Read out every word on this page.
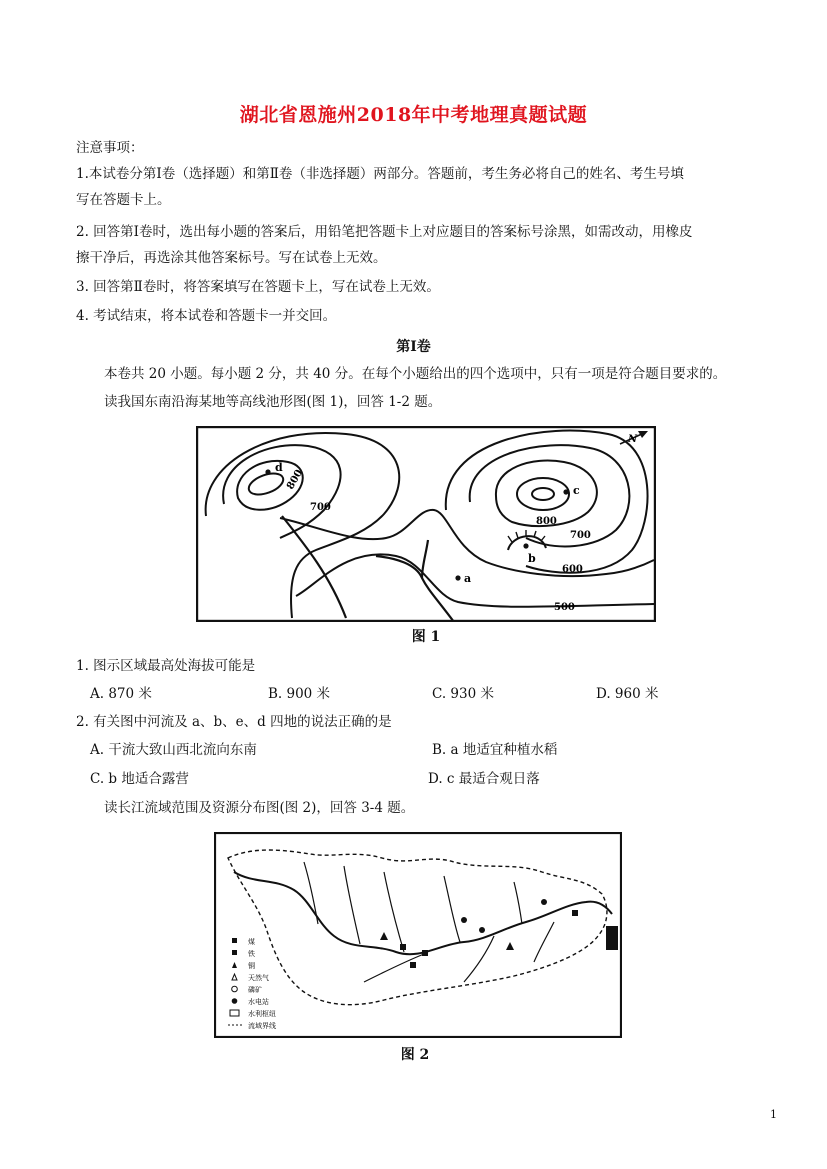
湖北省恩施州2018年中考地理真题试题
注意事项：
1.本试卷分第Ⅰ卷（选择题）和第Ⅱ卷（非选择题）两部分。答题前，考生务必将自己的姓名、考生号填
写在答题卡上。
2. 回答第Ⅰ卷时，选出每小题的答案后，用铅笔把答题卡上对应题目的答案标号涂黑，如需改动，用橡皮
擦干净后，再选涂其他答案标号。写在试卷上无效。
3. 回答第Ⅱ卷时，将答案填写在答题卡上，写在试卷上无效。
4. 考试结束，将本试卷和答题卡一并交回。
第Ⅰ卷
本卷共 20 小题。每小题 2 分，共 40 分。在每个小题给出的四个选项中，只有一项是符合题目要求的。
读我国东南沿海某地等高线池形图(图 1)，回答 1-2 题。
d
c
b
a
800
700
800
700
600
500
N
图 1
1. 图示区域最高处海拔可能是
A. 870 米	B. 900 米	C. 930 米	D. 960 米
2. 有关图中河流及 a、b、e、d 四地的说法正确的是
A. 干流大致山西北流向东南	B. a 地适宜种植水稻
C. b 地适合露营	D. c 最适合观日落
读长江流域范围及资源分布图(图 2)，回答 3-4 题。
煤
铁
铜
天然气
磷矿
水电站
水利枢纽
流域界线
图 2
1
